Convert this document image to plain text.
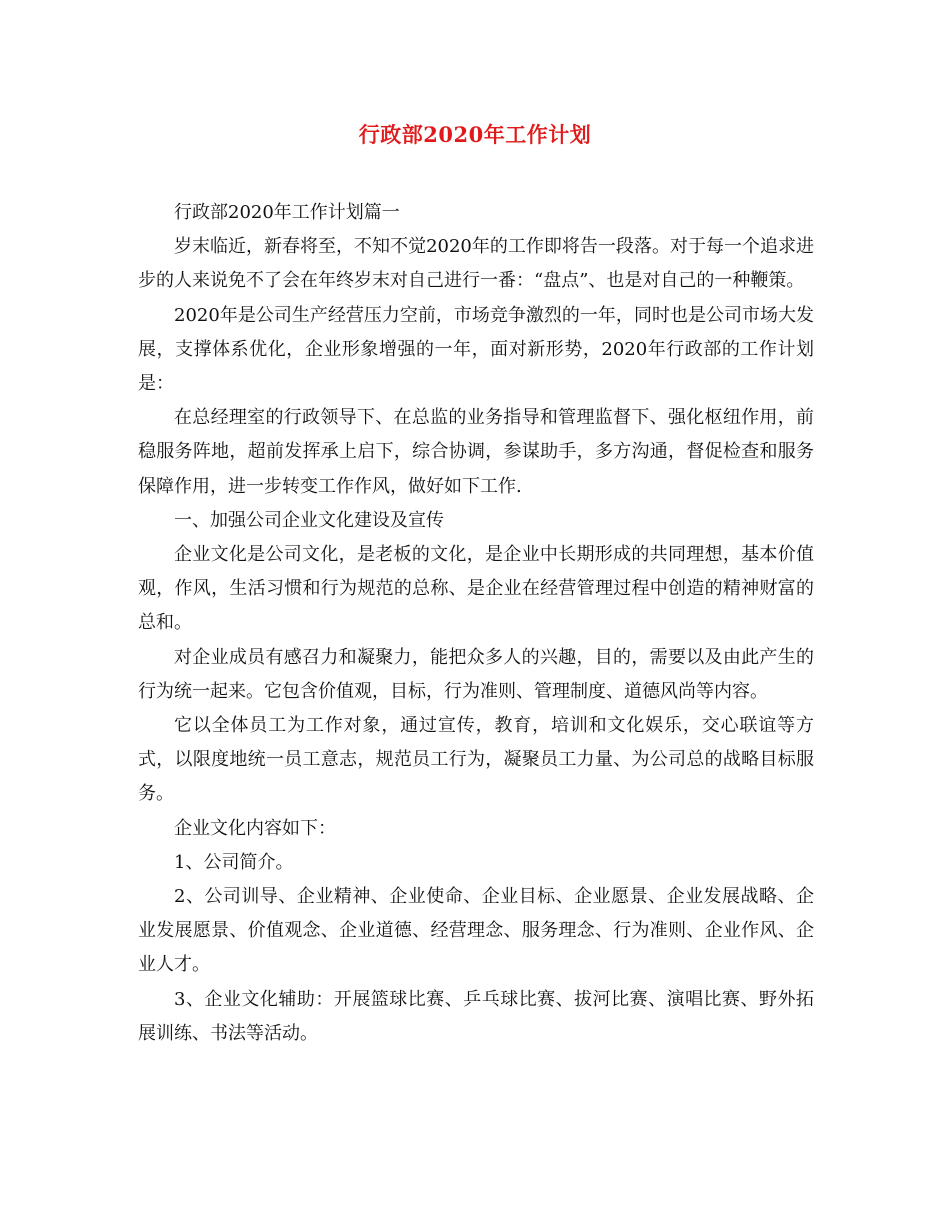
行政部2020年工作计划

行政部2020年工作计划篇一

岁末临近，新春将至，不知不觉2020年的工作即将告一段落。对于每一个追求进步的人来说免不了会在年终岁末对自己进行一番：“盘点”、也是对自己的一种鞭策。

2020年是公司生产经营压力空前，市场竞争激烈的一年，同时也是公司市场大发展，支撑体系优化，企业形象增强的一年，面对新形势，2020年行政部的工作计划是：

在总经理室的行政领导下、在总监的业务指导和管理监督下、强化枢纽作用，前稳服务阵地，超前发挥承上启下，综合协调，参谋助手，多方沟通，督促检查和服务保障作用，进一步转变工作作风，做好如下工作.

一、加强公司企业文化建设及宣传

企业文化是公司文化，是老板的文化，是企业中长期形成的共同理想，基本价值观，作风，生活习惯和行为规范的总称、是企业在经营管理过程中创造的精神财富的总和。

对企业成员有感召力和凝聚力，能把众多人的兴趣，目的，需要以及由此产生的行为统一起来。它包含价值观，目标，行为准则、管理制度、道德风尚等内容。

它以全体员工为工作对象，通过宣传，教育，培训和文化娱乐，交心联谊等方式，以限度地统一员工意志，规范员工行为，凝聚员工力量、为公司总的战略目标服务。

企业文化内容如下：

1、公司简介。

2、公司训导、企业精神、企业使命、企业目标、企业愿景、企业发展战略、企业发展愿景、价值观念、企业道德、经营理念、服务理念、行为准则、企业作风、企业人才。

3、企业文化辅助：开展篮球比赛、乒乓球比赛、拔河比赛、演唱比赛、野外拓展训练、书法等活动。
